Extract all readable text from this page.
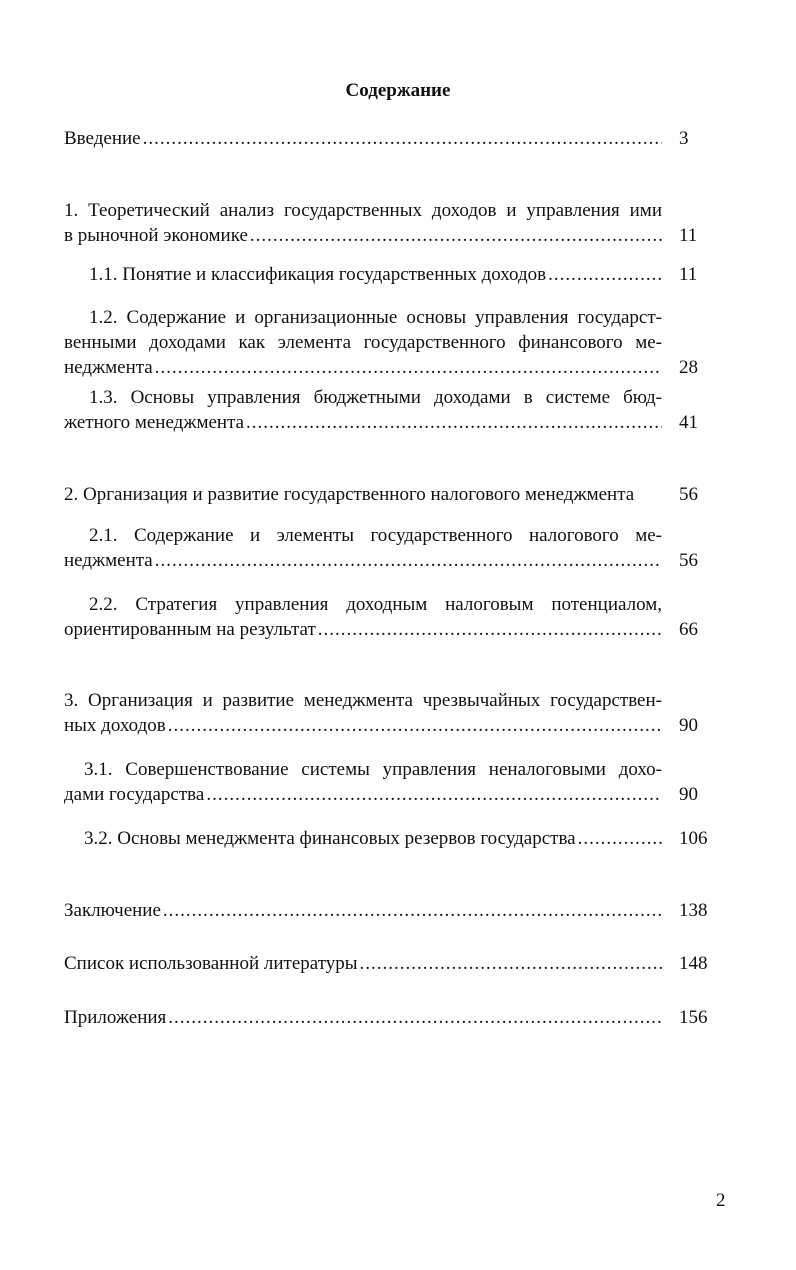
Содержание
Введение .....	3
1. Теоретический анализ государственных доходов и управления ими
в рыночной экономике .....	11
1.1. Понятие и классификация государственных доходов .....	11
1.2. Содержание и организационные основы управления государст-
венными доходами как элемента государственного финансового ме-
неджмента .....	28
1.3. Основы управления бюджетными доходами в системе бюд-
жетного менеджмента .....	41
2. Организация и развитие государственного налогового менеджмента 56
2.1. Содержание и элементы государственного налогового ме-
неджмента .....	56
2.2. Стратегия управления доходным налоговым потенциалом,
ориентированным на результат .....	66
3. Организация и развитие менеджмента чрезвычайных государствен-
ных доходов .....	90
3.1. Совершенствование системы управления неналоговыми дохо-
дами государства .....	90
3.2. Основы менеджмента финансовых резервов государства .....	106
Заключение .....	138
Список использованной литературы .....	148
Приложения .....	156
2
